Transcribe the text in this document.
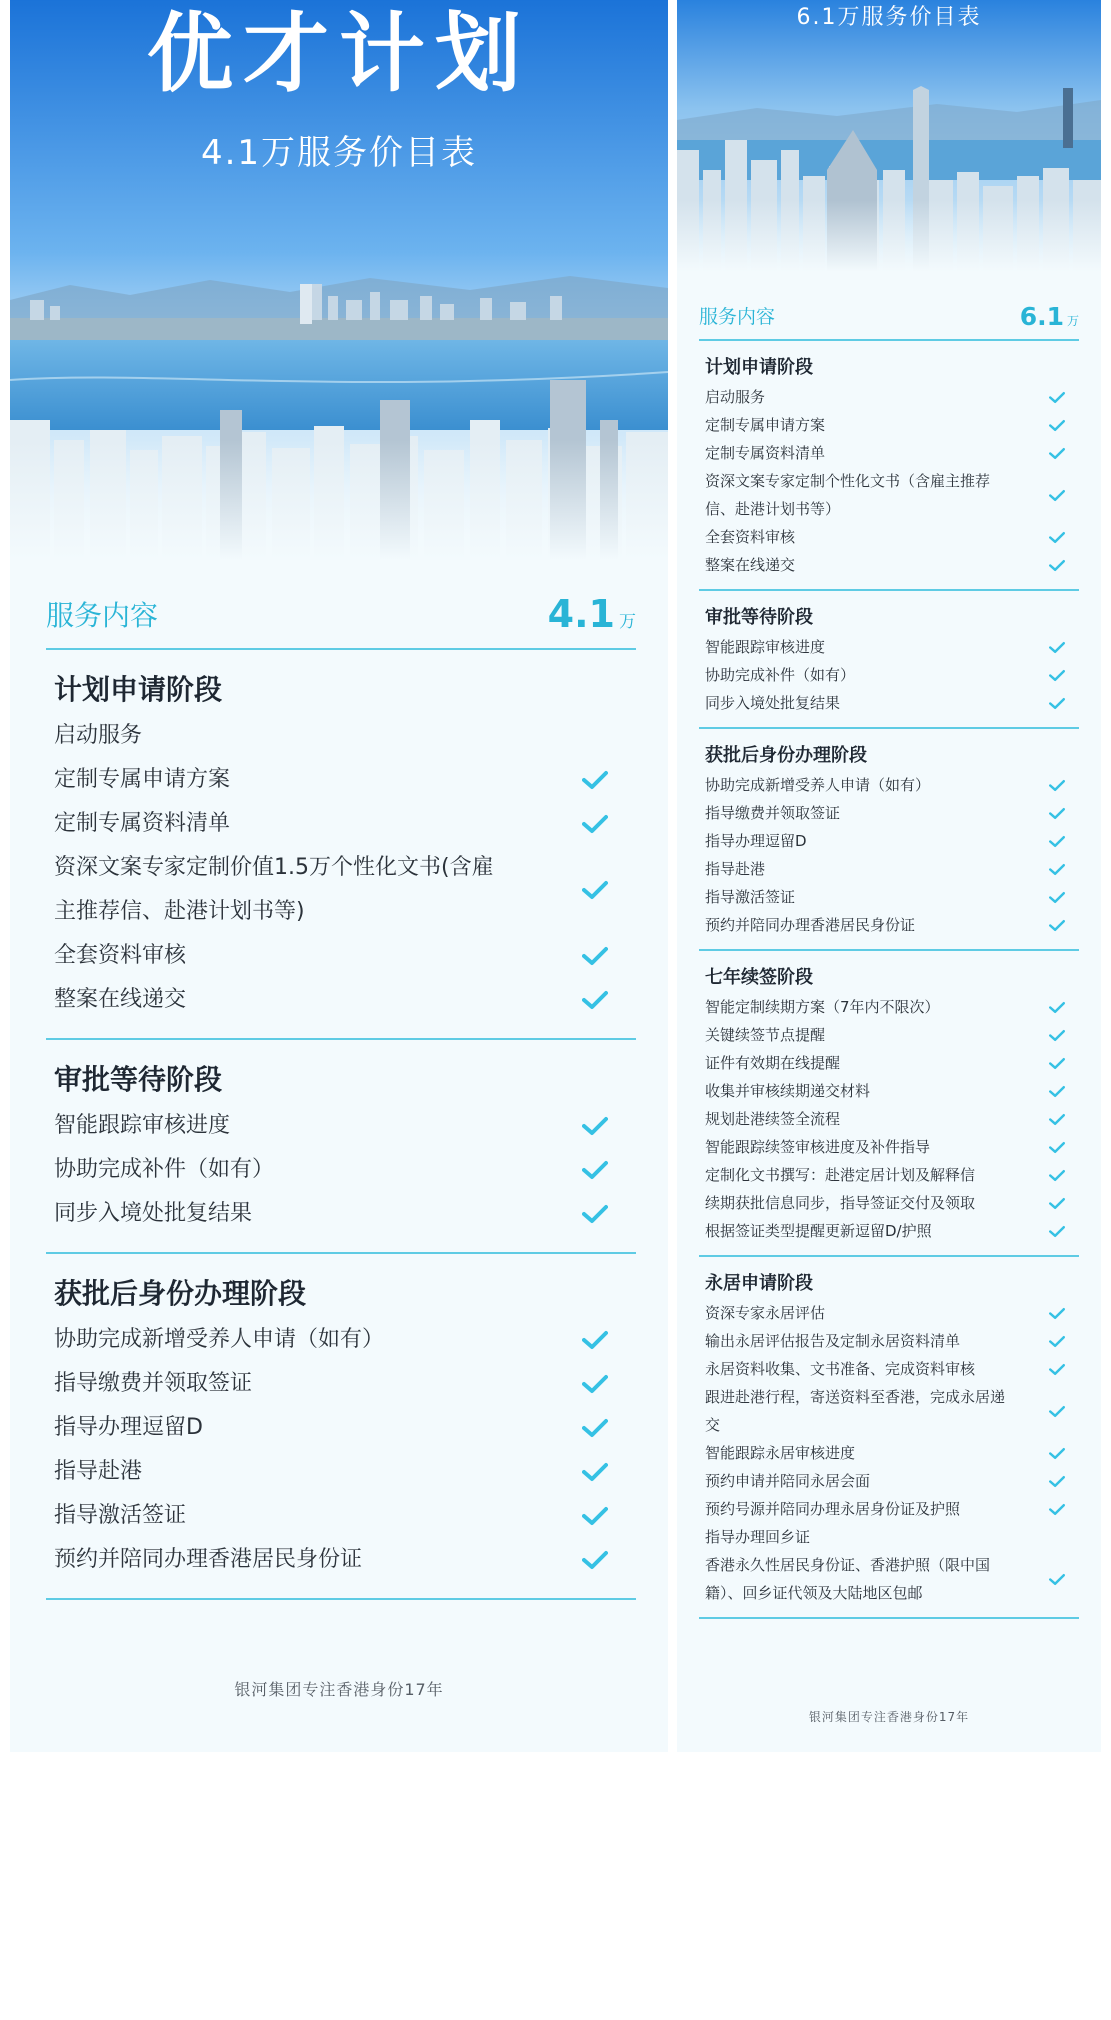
优才计划
4.1万服务价目表
服务内容	4.1 万
计划申请阶段
启动服务
定制专属申请方案
定制专属资料清单
资深文案专家定制价值1.5万个性化文书(含雇主推荐信、赴港计划书等)
全套资料审核
整案在线递交
审批等待阶段
智能跟踪审核进度
协助完成补件（如有）
同步入境处批复结果
获批后身份办理阶段
协助完成新增受养人申请（如有）
指导缴费并领取签证
指导办理逗留D
指导赴港
指导激活签证
预约并陪同办理香港居民身份证
银河集团专注香港身份17年
6.1万服务价目表
服务内容	6.1 万
计划申请阶段
启动服务
定制专属申请方案
定制专属资料清单
资深文案专家定制个性化文书（含雇主推荐信、赴港计划书等）
全套资料审核
整案在线递交
审批等待阶段
智能跟踪审核进度
协助完成补件（如有）
同步入境处批复结果
获批后身份办理阶段
协助完成新增受养人申请（如有）
指导缴费并领取签证
指导办理逗留D
指导赴港
指导激活签证
预约并陪同办理香港居民身份证
七年续签阶段
智能定制续期方案（7年内不限次）
关键续签节点提醒
证件有效期在线提醒
收集并审核续期递交材料
规划赴港续签全流程
智能跟踪续签审核进度及补件指导
定制化文书撰写：赴港定居计划及解释信
续期获批信息同步，指导签证交付及领取
根据签证类型提醒更新逗留D/护照
永居申请阶段
资深专家永居评估
输出永居评估报告及定制永居资料清单
永居资料收集、文书准备、完成资料审核
跟进赴港行程，寄送资料至香港，完成永居递交
智能跟踪永居审核进度
预约申请并陪同永居会面
预约号源并陪同办理永居身份证及护照
指导办理回乡证
香港永久性居民身份证、香港护照（限中国籍）、回乡证代领及大陆地区包邮
银河集团专注香港身份17年
